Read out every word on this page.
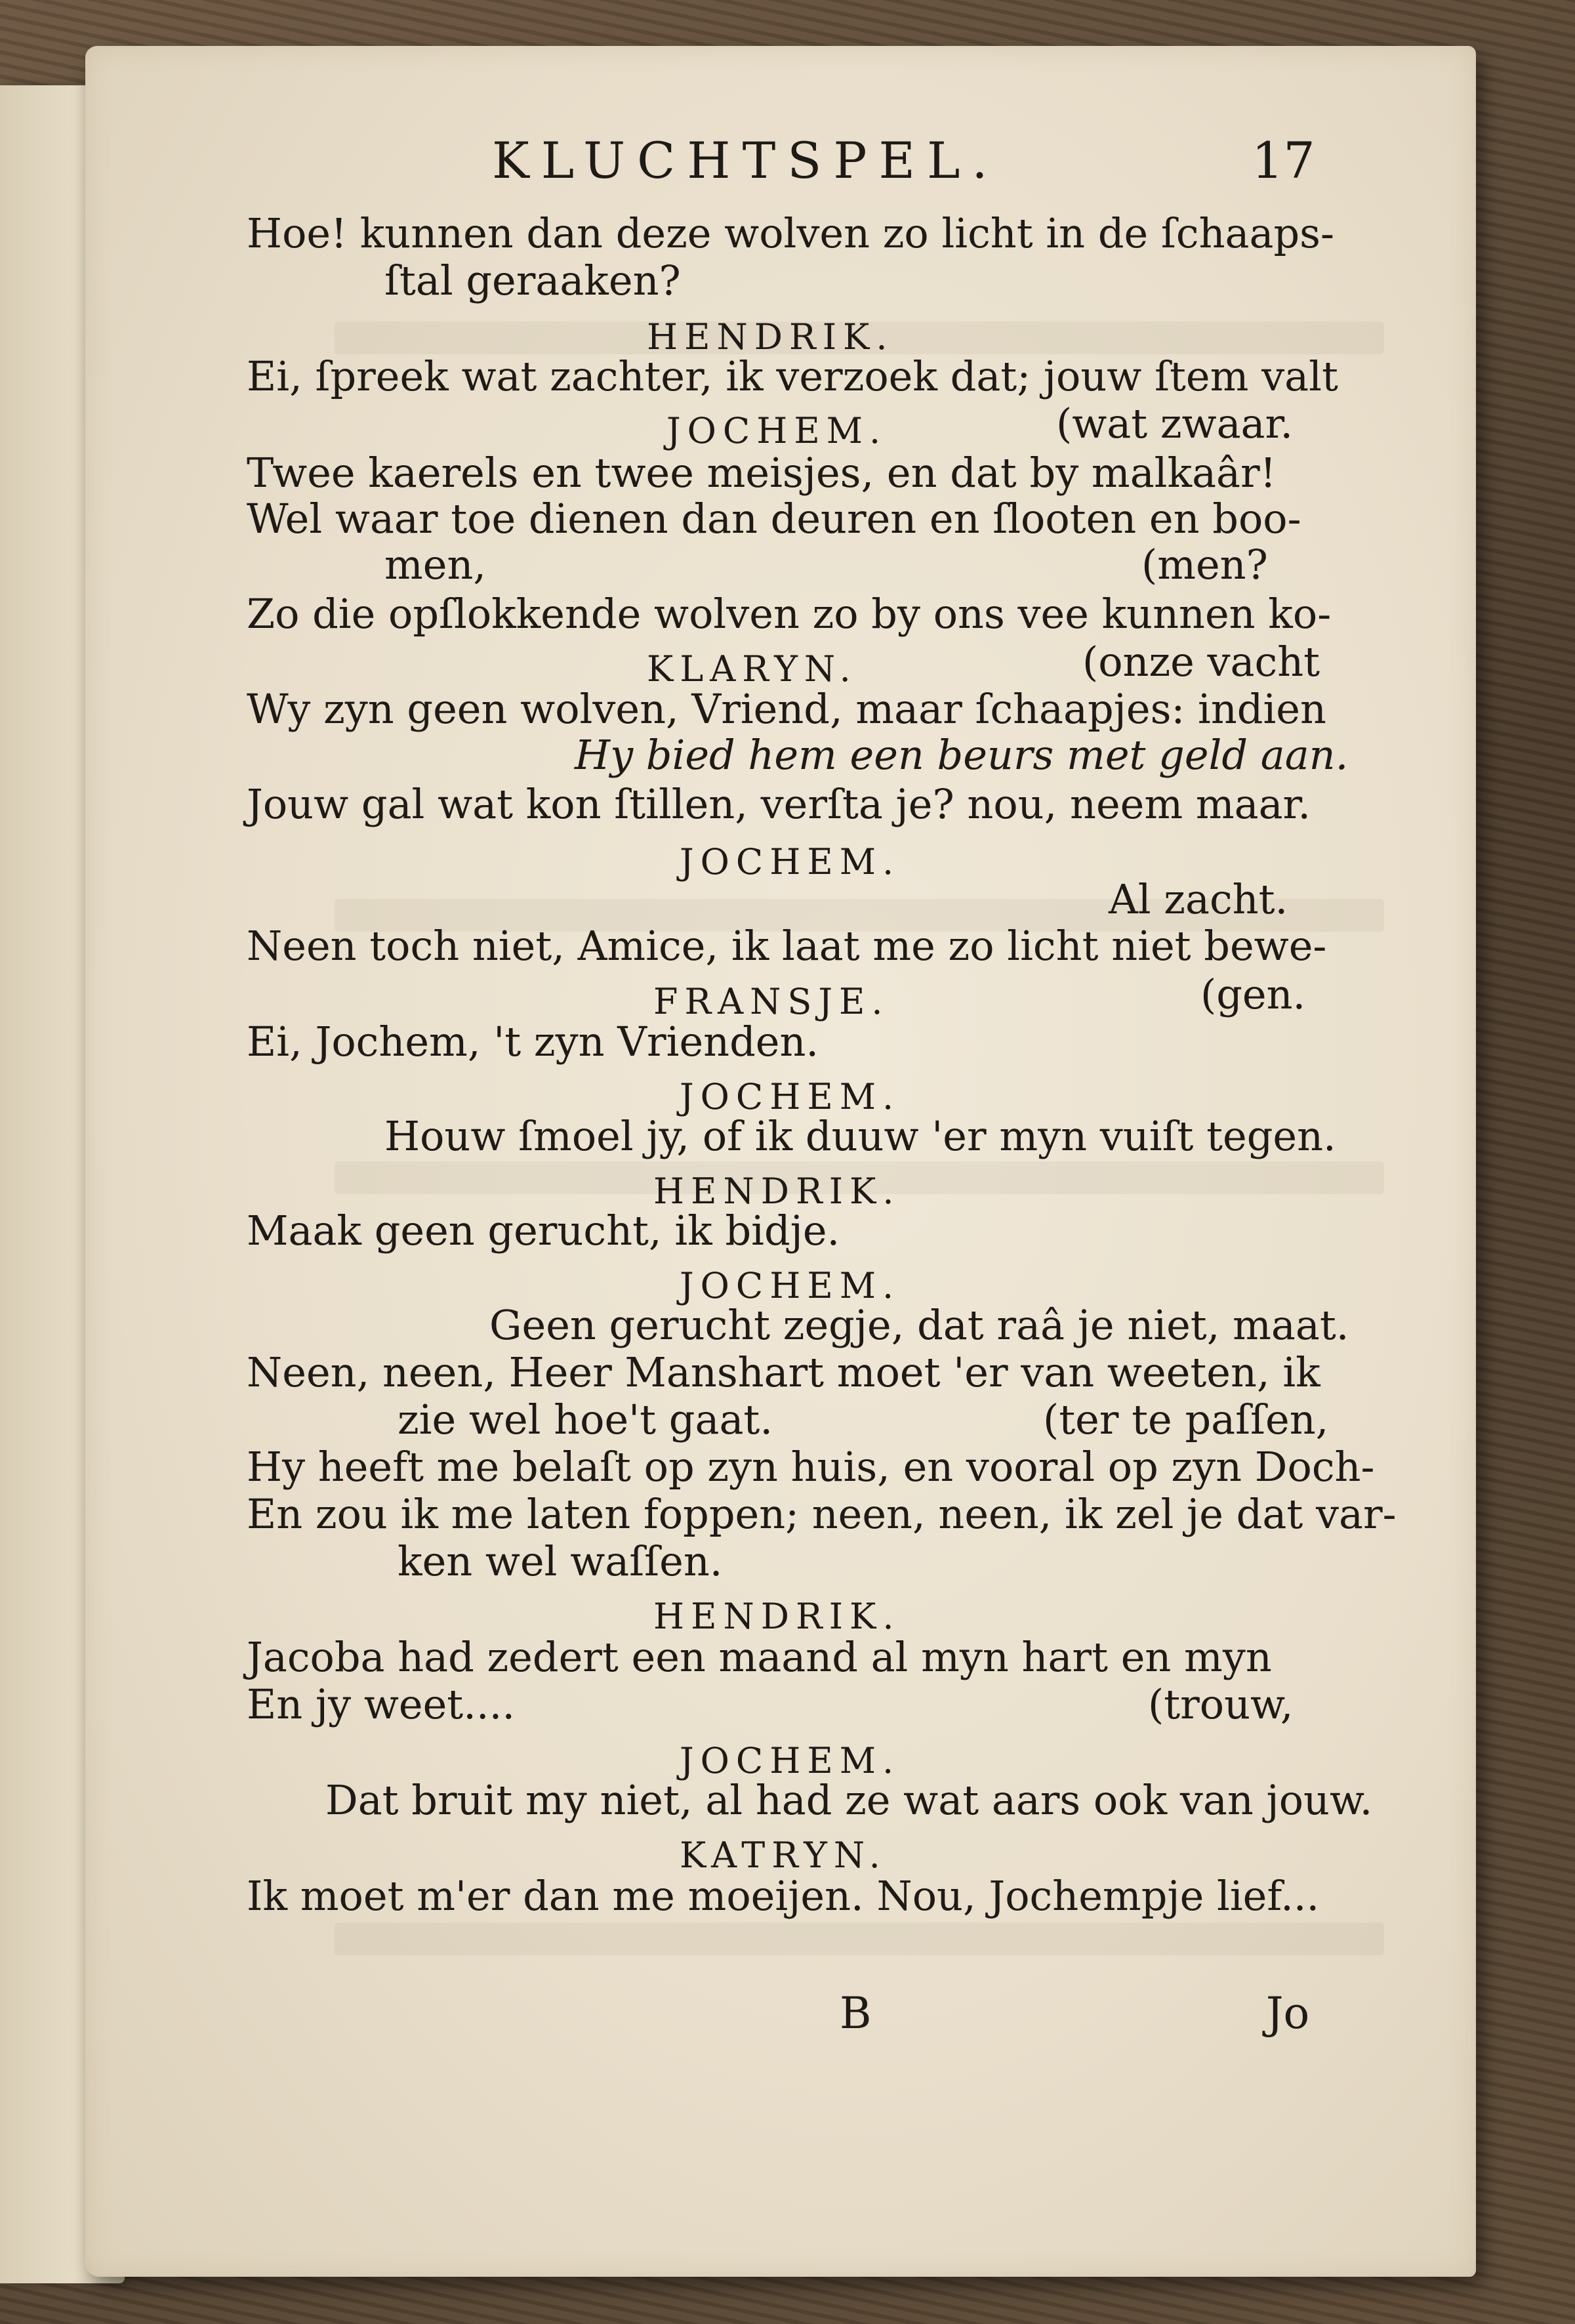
KLUCHTSPEL.	17
Hoe! kunnen dan deze wolven zo licht in de ſchaaps-
ſtal geraaken?
HENDRIK.
Ei, ſpreek wat zachter, ik verzoek dat; jouw ſtem valt
JOCHEM.	(wat zwaar.
Twee kaerels en twee meisjes, en dat by malkaâr!
Wel waar toe dienen dan deuren en ſlooten en boo-
men,	(men?
Zo die opſlokkende wolven zo by ons vee kunnen ko-
KLARYN.	(onze vacht
Wy zyn geen wolven, Vriend, maar ſchaapjes: indien
Hy bied hem een beurs met geld aan.
Jouw gal wat kon ſtillen, verſta je? nou, neem maar.
JOCHEM.
Al zacht.
Neen toch niet, Amice, ik laat me zo licht niet bewe-
FRANSJE.	(gen.
Ei, Jochem, 't zyn Vrienden.
JOCHEM.
Houw ſmoel jy, of ik duuw 'er myn vuiſt tegen.
HENDRIK.
Maak geen gerucht, ik bidje.
JOCHEM.
Geen gerucht zegje, dat raâ je niet, maat.
Neen, neen, Heer Manshart moet 'er van weeten, ik
zie wel hoe't gaat.	(ter te paſſen,
Hy heeft me belaſt op zyn huis, en vooral op zyn Doch-
En zou ik me laten foppen; neen, neen, ik zel je dat var-
ken wel waſſen.
HENDRIK.
Jacoba had zedert een maand al myn hart en myn
En jy weet....	(trouw,
JOCHEM.
Dat bruit my niet, al had ze wat aars ook van jouw.
KATRYN.
Ik moet m'er dan me moeijen. Nou, Jochempje lief...
B	Jo
